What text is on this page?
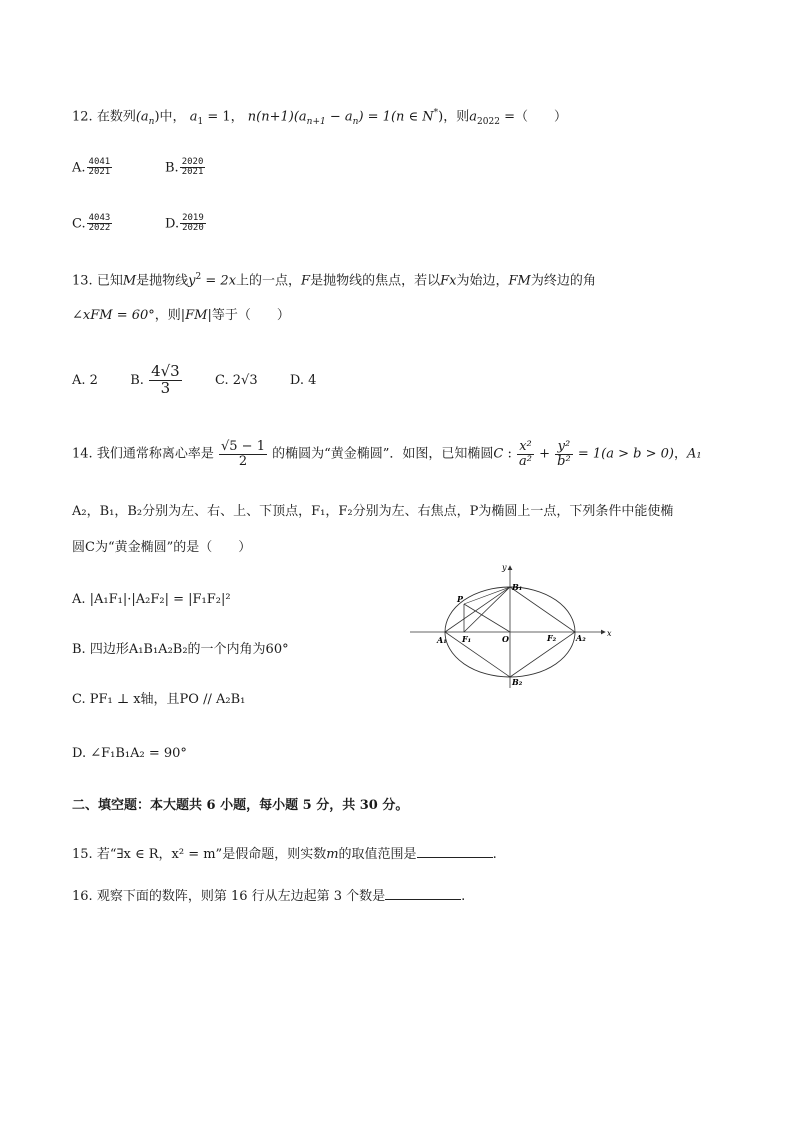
12. 在数列$(a_n)$中， $a_1 = 1$， $n(n+1)(a_{n+1} - a_n) = 1(n$ ∈ N*)，则$a_{2022}$ =（　　）
A. $\frac{4041}{2021}$	B. $\frac{2020}{2021}$
C. $\frac{4043}{2022}$	D. $\frac{2019}{2020}$
13. 已知M是抛物线$y^2 = 2x$上的一点，F是抛物线的焦点，若以Fx为始边，FM为终边的角
∠xFM = 60°，则|FM|等于（　　）
A. 2 B. $\frac{4√3}{3}$	C. 2√3 D. 4
14. 我们通常称离心率是 $\frac{√5 - 1}{2}$ 的椭圆为“黄金椭圆”．如图，已知椭圆C : $\frac{\text{x²}}{\text{a²}} + \frac{\text{y²}}{\text{b²}} = 1(a > b > 0)$，A₁
A₂，B₁，B₂分别为左、右、上、下顶点，F₁，F₂分别为左、右焦点，P为椭圆上一点，下列条件中能使椭
圆C为“黄金椭圆”的是（　　）
A. |A₁F₁|·|A₂F₂| = |F₁F₂|²
B. 四边形A₁B₁A₂B₂的一个内角为60°
C. PF₁ ⊥ x轴，且PO // A₂B₁
D. ∠F₁B₁A₂ = 90°
y
x
O
P
B₁
B₂
A₁	A₂
F₁	F₂
二、填空题：本大题共 6 小题，每小题 5 分，共 30 分。
15. 若“∃x ∈ R，x² = m”是假命题，则实数m的取值范围是	.
16. 观察下面的数阵，则第 16 行从左边起第 3 个数是	.
